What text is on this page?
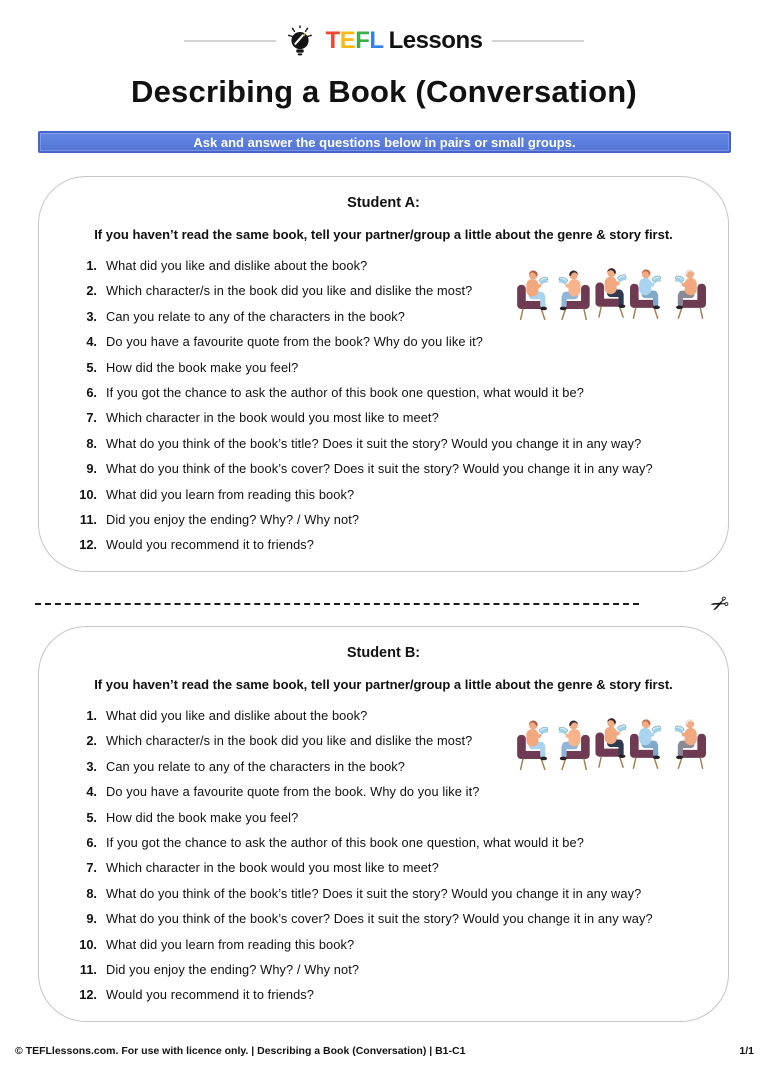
T E F L Lessons
Describing a Book (Conversation)
Ask and answer the questions below in pairs or small groups.
Student A:
If you haven’t read the same book, tell your partner/group a little about the genre & story first.
1. What did you like and dislike about the book?
2. Which character/s in the book did you like and dislike the most?
3. Can you relate to any of the characters in the book?
4. Do you have a favourite quote from the book? Why do you like it?
5. How did the book make you feel?
6. If you got the chance to ask the author of this book one question, what would it be?
7. Which character in the book would you most like to meet?
8. What do you think of the book’s title? Does it suit the story? Would you change it in any way?
9. What do you think of the book’s cover? Does it suit the story? Would you change it in any way?
10. What did you learn from reading this book?
11. Did you enjoy the ending? Why? / Why not?
12. Would you recommend it to friends?
✂
Student B:
If you haven’t read the same book, tell your partner/group a little about the genre & story first.
1. What did you like and dislike about the book?
2. Which character/s in the book did you like and dislike the most?
3. Can you relate to any of the characters in the book?
4. Do you have a favourite quote from the book. Why do you like it?
5. How did the book make you feel?
6. If you got the chance to ask the author of this book one question, what would it be?
7. Which character in the book would you most like to meet?
8. What do you think of the book’s title? Does it suit the story? Would you change it in any way?
9. What do you think of the book’s cover? Does it suit the story? Would you change it in any way?
10. What did you learn from reading this book?
11. Did you enjoy the ending? Why? / Why not?
12. Would you recommend it to friends?
© TEFLlessons.com. For use with licence only. | Describing a Book (Conversation) | B1-C1	1/1
